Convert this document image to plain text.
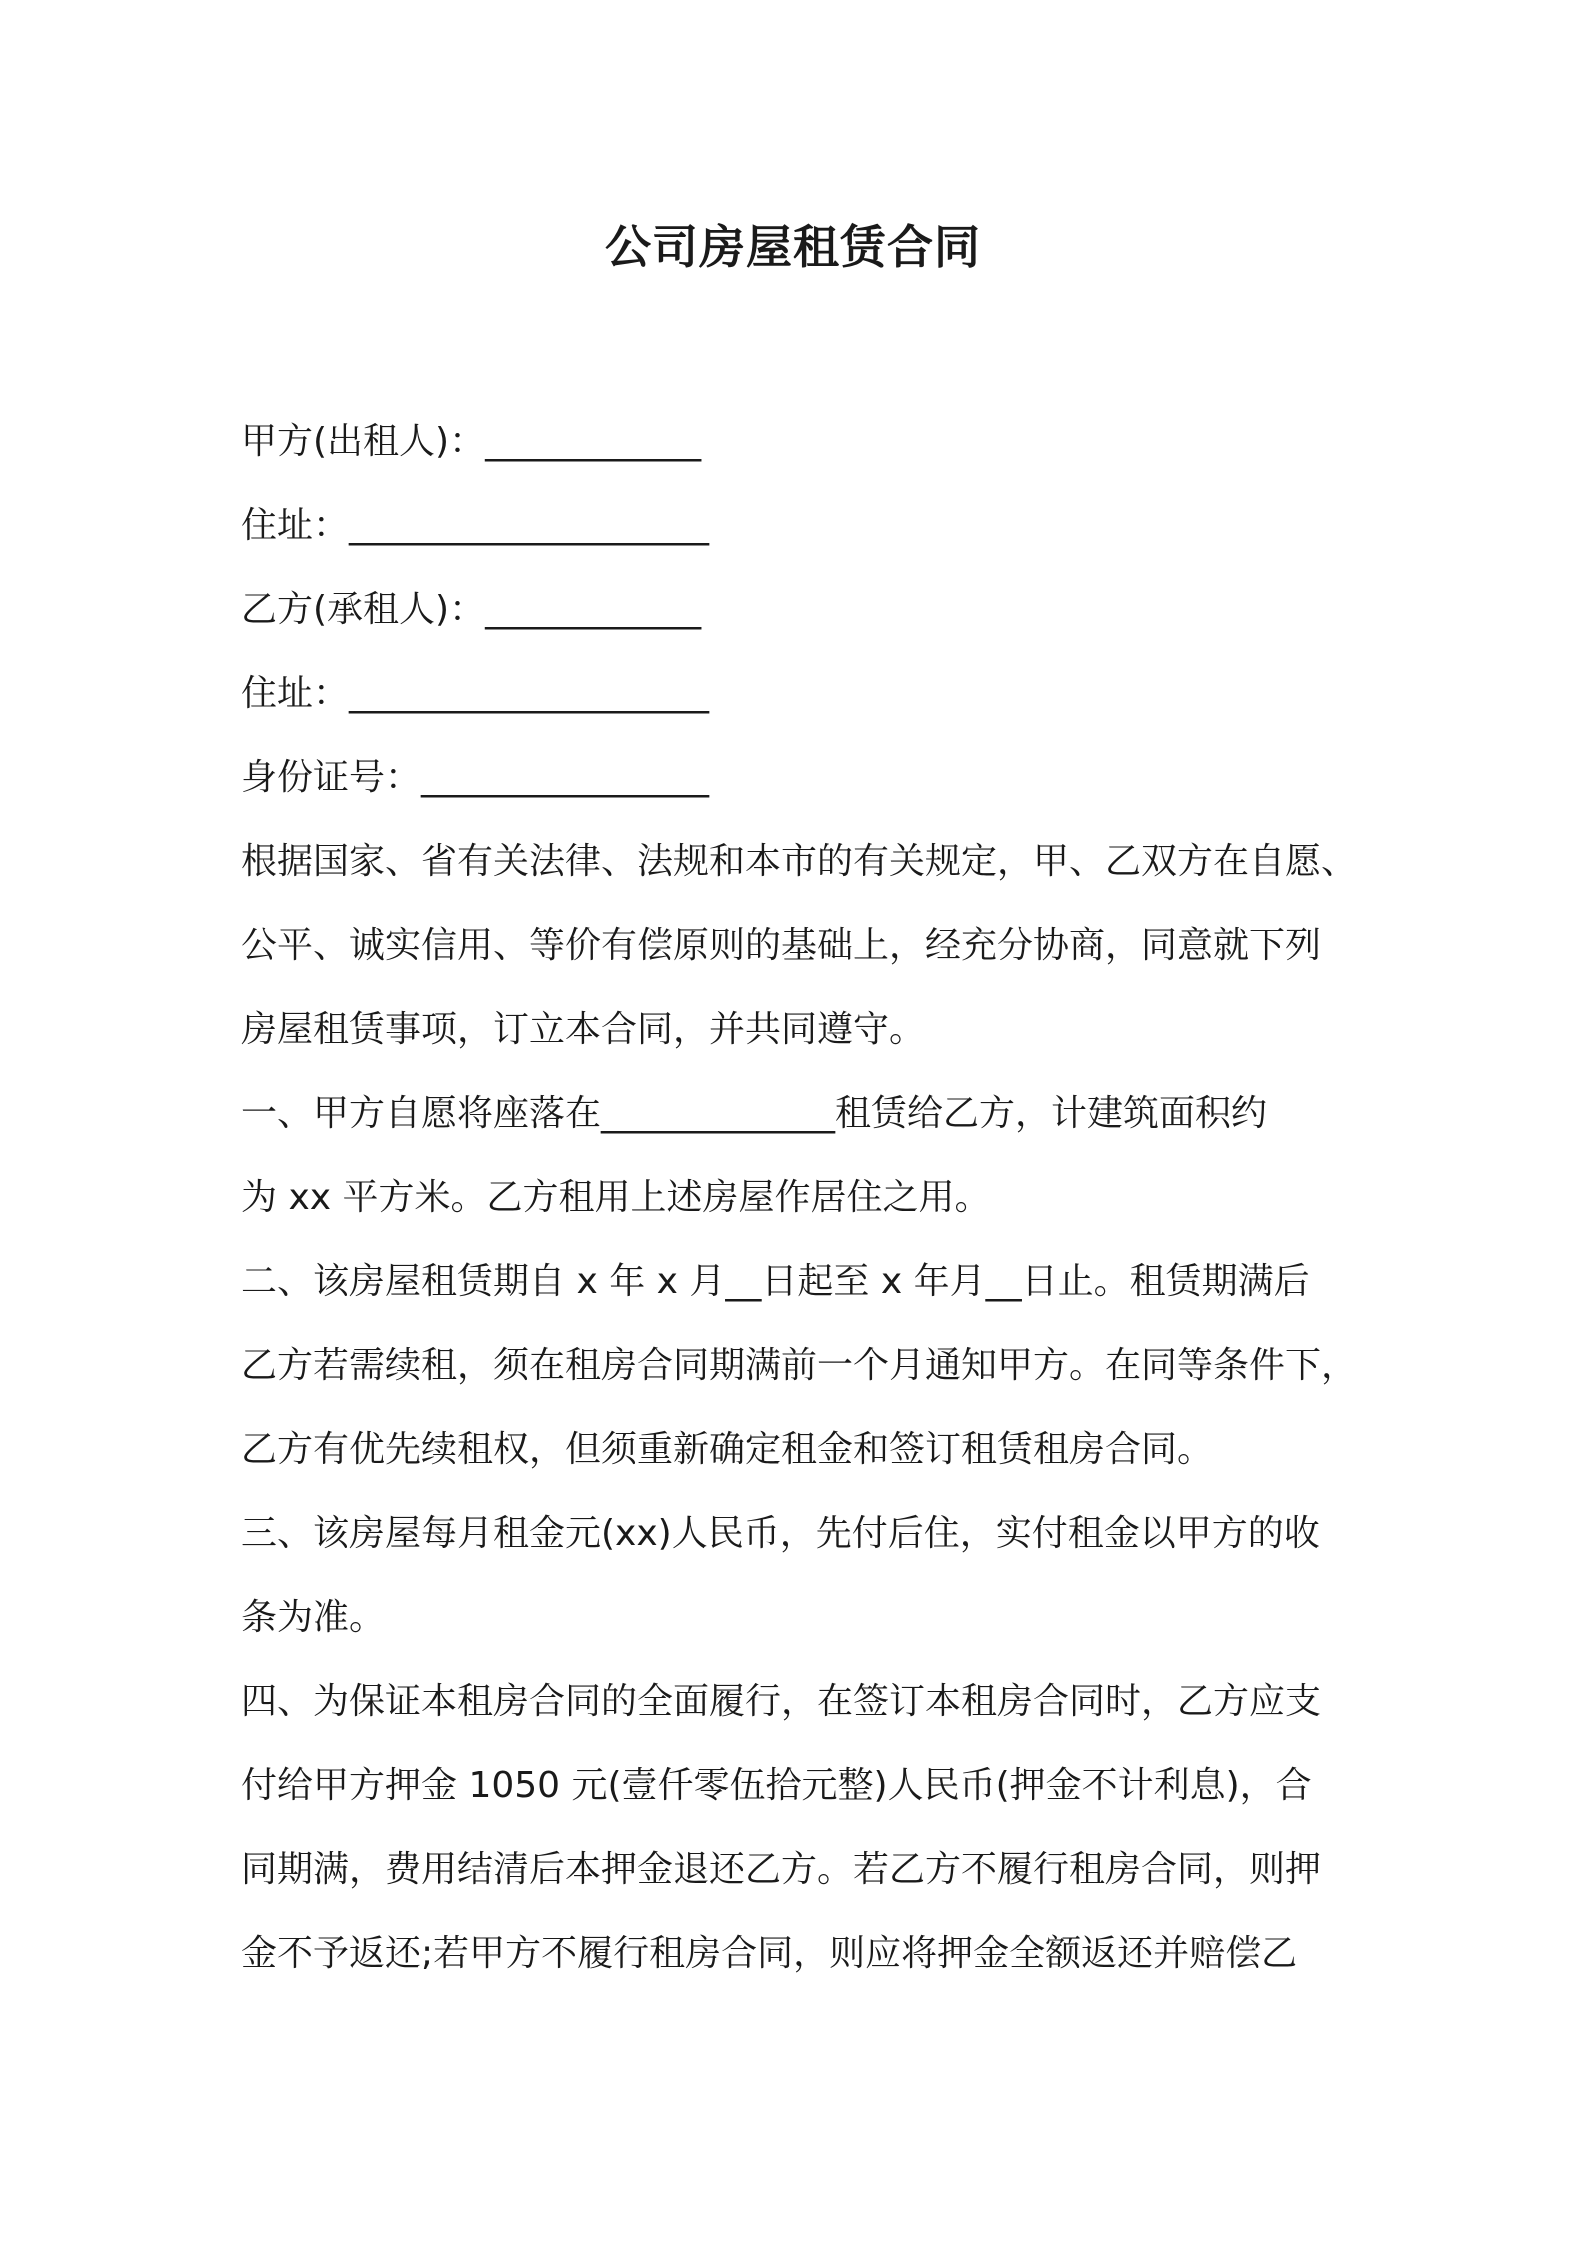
公司房屋租赁合同
甲方(出租人)：____________
住址：____________________
乙方(承租人)：____________
住址：____________________
身份证号：________________
根据国家、省有关法律、法规和本市的有关规定，甲、乙双方在自愿、
公平、诚实信用、等价有偿原则的基础上，经充分协商，同意就下列
房屋租赁事项，订立本合同，并共同遵守。
一、甲方自愿将座落在_____________租赁给乙方，计建筑面积约
为 xx 平方米。乙方租用上述房屋作居住之用。
二、该房屋租赁期自 x 年 x 月__日起至 x 年月__日止。租赁期满后
乙方若需续租，须在租房合同期满前一个月通知甲方。在同等条件下，
乙方有优先续租权，但须重新确定租金和签订租赁租房合同。
三、该房屋每月租金元(xx)人民币，先付后住，实付租金以甲方的收
条为准。
四、为保证本租房合同的全面履行，在签订本租房合同时，乙方应支
付给甲方押金 1050 元(壹仟零伍拾元整)人民币(押金不计利息)，合
同期满，费用结清后本押金退还乙方。若乙方不履行租房合同，则押
金不予返还;若甲方不履行租房合同，则应将押金全额返还并赔偿乙
